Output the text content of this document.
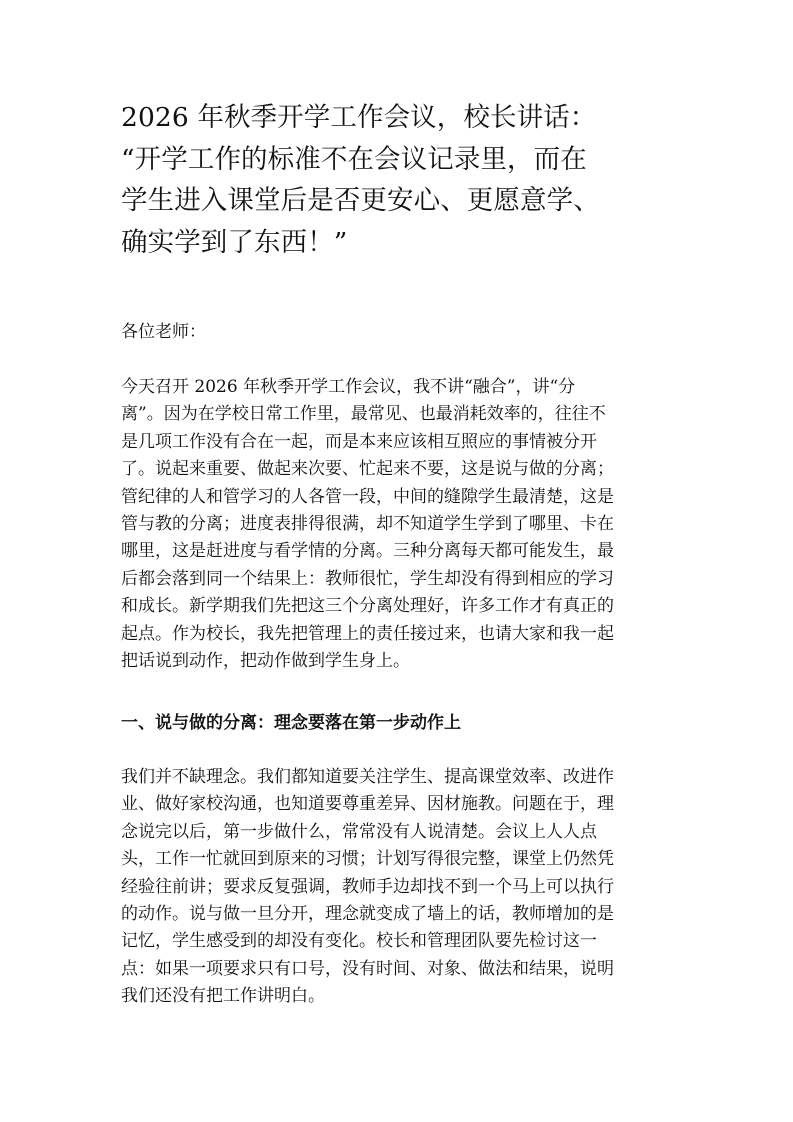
2026 年秋季开学工作会议，校长讲话：
“开学工作的标准不在会议记录里，而在
学生进入课堂后是否更安心、更愿意学、
确实学到了东西！”

各位老师：

今天召开 2026 年秋季开学工作会议，我不讲“融合”，讲“分
离”。因为在学校日常工作里，最常见、也最消耗效率的，往往不
是几项工作没有合在一起，而是本来应该相互照应的事情被分开
了。说起来重要、做起来次要、忙起来不要，这是说与做的分离；
管纪律的人和管学习的人各管一段，中间的缝隙学生最清楚，这是
管与教的分离；进度表排得很满，却不知道学生学到了哪里、卡在
哪里，这是赶进度与看学情的分离。三种分离每天都可能发生，最
后都会落到同一个结果上：教师很忙，学生却没有得到相应的学习
和成长。新学期我们先把这三个分离处理好，许多工作才有真正的
起点。作为校长，我先把管理上的责任接过来，也请大家和我一起
把话说到动作，把动作做到学生身上。
一、说与做的分离：理念要落在第一步动作上
我们并不缺理念。我们都知道要关注学生、提高课堂效率、改进作
业、做好家校沟通，也知道要尊重差异、因材施教。问题在于，理
念说完以后，第一步做什么，常常没有人说清楚。会议上人人点
头，工作一忙就回到原来的习惯；计划写得很完整，课堂上仍然凭
经验往前讲；要求反复强调，教师手边却找不到一个马上可以执行
的动作。说与做一旦分开，理念就变成了墙上的话，教师增加的是
记忆，学生感受到的却没有变化。校长和管理团队要先检讨这一
点：如果一项要求只有口号，没有时间、对象、做法和结果，说明
我们还没有把工作讲明白。
